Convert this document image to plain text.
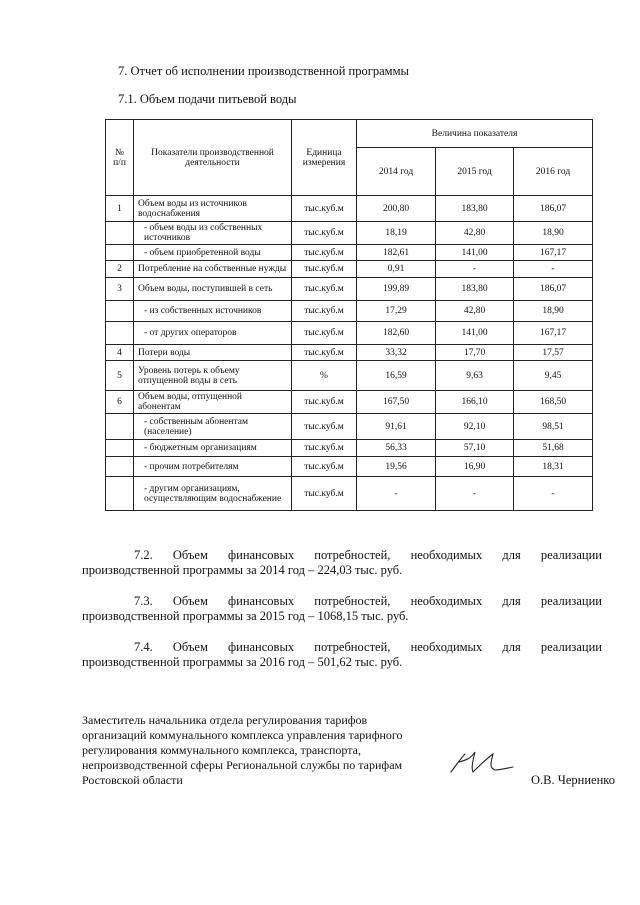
7. Отчет об исполнении производственной программы
7.1. Объем подачи питьевой воды
№ п/п	Показатели производственной деятельности	Единица измерения	Величина показателя		
			2014 год	2015 год	2016 год
1	Объем воды из источников водоснабжения	тыс.куб.м	200,80	183,80	186,07
	- объем воды из собственных источников	тыс.куб.м	18,19	42,80	18,90
	- объем приобретенной воды	тыс.куб.м	182,61	141,00	167,17
2	Потребление на собственные нужды	тыс.куб.м	0,91	-	-
3	Объем воды, поступившей в сеть	тыс.куб.м	199,89	183,80	186,07
	- из собственных источников	тыс.куб.м	17,29	42,80	18,90
	- от других операторов	тыс.куб.м	182,60	141,00	167,17
4	Потери воды	тыс.куб.м	33,32	17,70	17,57
5	Уровень потерь к объему отпущенной воды в сеть	%	16,59	9,63	9,45
6	Объем воды, отпущенной абонентам	тыс.куб.м	167,50	166,10	168,50
	- собственным абонентам (население)	тыс.куб.м	91,61	92,10	98,51
	- бюджетным организациям	тыс.куб.м	56,33	57,10	51,68
	- прочим потребителям	тыс.куб.м	19,56	16,90	18,31
	- другим организациям, осуществляющим водоснабжение	тыс.куб.м	-	-	-
7.2. Объем финансовых потребностей, необходимых для реализации
производственной программы за 2014 год – 224,03 тыс. руб.
7.3. Объем финансовых потребностей, необходимых для реализации
производственной программы за 2015 год – 1068,15 тыс. руб.
7.4. Объем финансовых потребностей, необходимых для реализации
производственной программы за 2016 год – 501,62 тыс. руб.
Заместитель начальника отдела регулирования тарифов
организаций коммунального комплекса управления тарифного
регулирования коммунального комплекса, транспорта,
непроизводственной сферы Региональной службы по тарифам
Ростовской области	О.В. Черниенко
